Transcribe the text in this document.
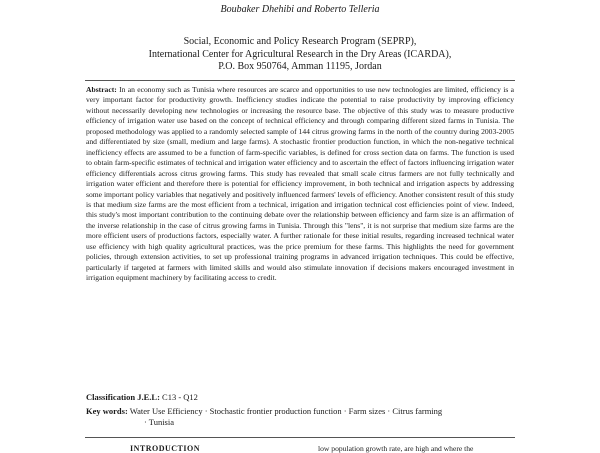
Boubaker Dhehibi and Roberto Telleria
Social, Economic and Policy Research Program (SEPRP),
International Center for Agricultural Research in the Dry Areas (ICARDA),
P.O. Box 950764, Amman 11195, Jordan
Abstract: In an economy such as Tunisia where resources are scarce and opportunities to use new technologies are limited, efficiency is a very important factor for productivity growth. Inefficiency studies indicate the potential to raise productivity by improving efficiency without necessarily developing new technologies or increasing the resource base. The objective of this study was to measure productive efficiency of irrigation water use based on the concept of technical efficiency and through comparing different sized farms in Tunisia. The proposed methodology was applied to a randomly selected sample of 144 citrus growing farms in the north of the country during 2003-2005 and differentiated by size (small, medium and large farms). A stochastic frontier production function, in which the non-negative technical inefficiency effects are assumed to be a function of farm-specific variables, is defined for cross section data on farms. The function is used to obtain farm-specific estimates of technical and irrigation water efficiency and to ascertain the effect of factors influencing irrigation water efficiency differentials across citrus growing farms. This study has revealed that small scale citrus farmers are not fully technically and irrigation water efficient and therefore there is potential for efficiency improvement, in both technical and irrigation aspects by addressing some important policy variables that negatively and positively influenced farmers' levels of efficiency. Another consistent result of this study is that medium size farms are the most efficient from a technical, irrigation and irrigation technical cost efficiencies point of view. Indeed, this study's most important contribution to the continuing debate over the relationship between efficiency and farm size is an affirmation of the inverse relationship in the case of citrus growing farms in Tunisia. Through this "lens", it is not surprise that medium size farms are the more efficient users of productions factors, especially water. A further rationale for these initial results, regarding increased technical water use efficiency with high quality agricultural practices, was the price premium for these farms. This highlights the need for government policies, through extension activities, to set up professional training programs in advanced irrigation techniques. This could be effective, particularly if targeted at farmers with limited skills and would also stimulate innovation if decisions makers encouraged investment in irrigation equipment machinery by facilitating access to credit.
Classification J.E.L: C13 - Q12
Key words: Water Use Efficiency · Stochastic frontier production function · Farm sizes · Citrus farming
· Tunisia
INTRODUCTION	low population growth rate, are high and where the
